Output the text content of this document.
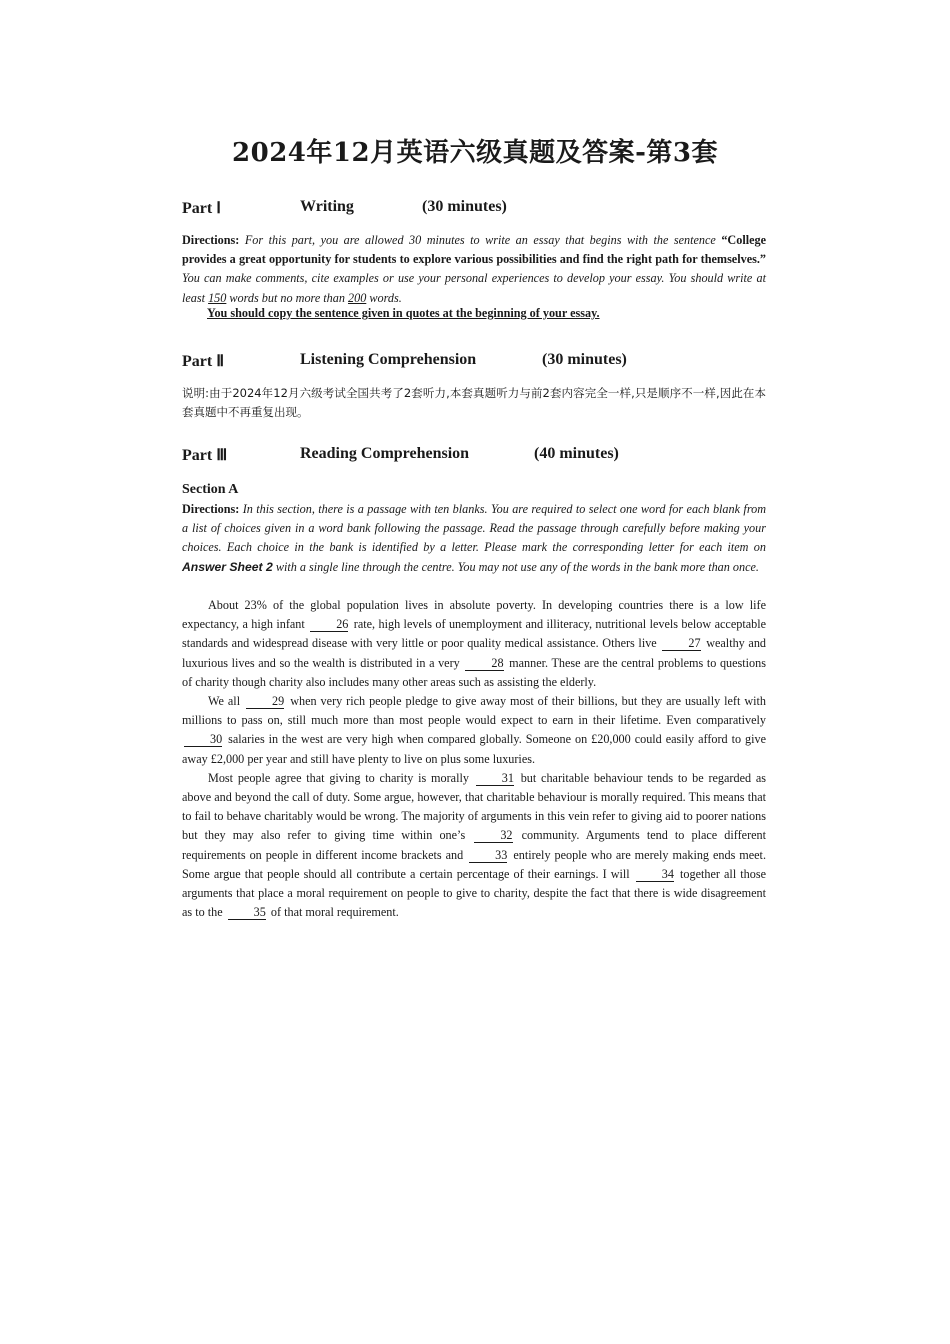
2024年12月英语六级真题及答案-第3套
Part Ⅰ	Writing	(30 minutes)
Directions: For this part, you are allowed 30 minutes to write an essay that begins with the sentence “College provides a great opportunity for students to explore various possibilities and find the right path for themselves.” You can make comments, cite examples or use your personal experiences to develop your essay. You should write at least 150 words but no more than 200 words.
You should copy the sentence given in quotes at the beginning of your essay.
Part Ⅱ	Listening Comprehension	(30 minutes)
说明:由于2024年12月六级考试全国共考了2套听力,本套真题听力与前2套内容完全一样,只是顺序不一样,因此在本套真题中不再重复出现。
Part Ⅲ	Reading Comprehension	(40 minutes)
Section A
Directions: In this section, there is a passage with ten blanks. You are required to select one word for each blank from a list of choices given in a word bank following the passage. Read the passage through carefully before making your choices. Each choice in the bank is identified by a letter. Please mark the corresponding letter for each item on Answer Sheet 2 with a single line through the centre. You may not use any of the words in the bank more than once.

About 23% of the global population lives in absolute poverty. In developing countries there is a low life expectancy, a high infant	26 rate, high levels of unemployment and illiteracy, nutritional levels below acceptable standards and widespread disease with very little or poor quality medical assistance. Others live	27 wealthy and luxurious lives and so the wealth is distributed in a very	28 manner. These are the central problems to questions of charity though charity also includes many other areas such as assisting the elderly.

We all	29 when very rich people pledge to give away most of their billions, but they are usually left with millions to pass on, still much more than most people would expect to earn in their lifetime. Even comparatively 30 salaries in the west are very high when compared globally. Someone on £20,000 could easily afford to give away £2,000 per year and still have plenty to live on plus some luxuries.

Most people agree that giving to charity is morally	31 but charitable behaviour tends to be regarded as above and beyond the call of duty. Some argue, however, that charitable behaviour is morally required. This means that to fail to behave charitably would be wrong. The majority of arguments in this vein refer to giving aid to poorer nations but they may also refer to giving time within one’s	32 community. Arguments tend to place different requirements on people in different income brackets and	33 entirely people who are merely making ends meet. Some argue that people should all contribute a certain percentage of their earnings. I will	34 together all those arguments that place a moral requirement on people to give to charity, despite the fact that there is wide disagreement as to the	35 of that moral requirement.
